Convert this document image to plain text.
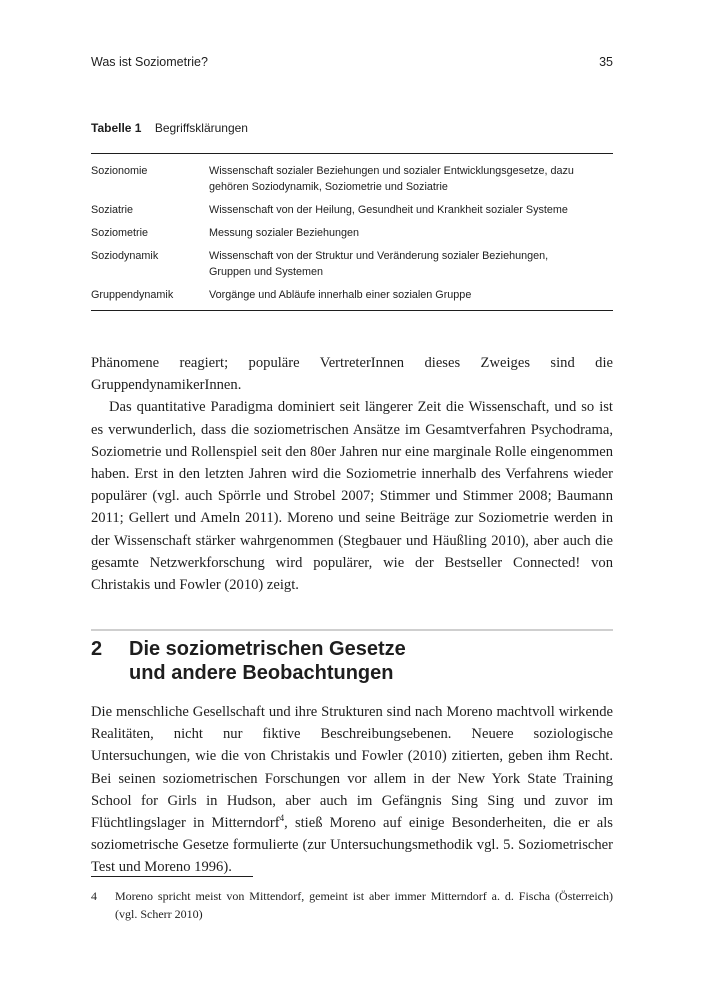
Was ist Soziometrie?	35
Tabelle 1 Begriffsklärungen
Sozionomie	Wissenschaft sozialer Beziehungen und sozialer Entwicklungsgesetze, dazu gehören Soziodynamik, Soziometrie und Soziatrie
Soziatrie	Wissenschaft von der Heilung, Gesundheit und Krankheit sozialer Systeme
Soziometrie	Messung sozialer Beziehungen
Soziodynamik	Wissenschaft von der Struktur und Veränderung sozialer Beziehungen, Gruppen und Systemen
Gruppendynamik	Vorgänge und Abläufe innerhalb einer sozialen Gruppe

Phänomene reagiert; populäre VertreterInnen dieses Zweiges sind die GruppendynamikerInnen.

Das quantitative Paradigma dominiert seit längerer Zeit die Wissenschaft, und so ist es verwunderlich, dass die soziometrischen Ansätze im Gesamtverfahren Psychodrama, Soziometrie und Rollenspiel seit den 80er Jahren nur eine marginale Rolle eingenommen haben. Erst in den letzten Jahren wird die Soziometrie innerhalb des Verfahrens wieder populärer (vgl. auch Spörrle und Strobel 2007; Stimmer und Stimmer 2008; Baumann 2011; Gellert und Ameln 2011). Moreno und seine Beiträge zur Soziometrie werden in der Wissenschaft stärker wahrgenommen (Stegbauer und Häußling 2010), aber auch die gesamte Netzwerkforschung wird populärer, wie der Bestseller Connected! von Christakis und Fowler (2010) zeigt.

2 Die soziometrischen Gesetze
und andere Beobachtungen

Die menschliche Gesellschaft und ihre Strukturen sind nach Moreno machtvoll wirkende Realitäten, nicht nur fiktive Beschreibungsebenen. Neuere soziologische Untersuchungen, wie die von Christakis und Fowler (2010) zitierten, geben ihm Recht. Bei seinen soziometrischen Forschungen vor allem in der New York State Training School for Girls in Hudson, aber auch im Gefängnis Sing Sing und zuvor im Flüchtlingslager in Mitterndorf$^4$, stieß Moreno auf einige Besonderheiten, die er als soziometrische Gesetze formulierte (zur Untersuchungsmethodik vgl. 5. Soziometrischer Test und Moreno 1996).

4 Moreno spricht meist von Mittendorf, gemeint ist aber immer Mitterndorf a. d. Fischa (Österreich) (vgl. Scherr 2010)
